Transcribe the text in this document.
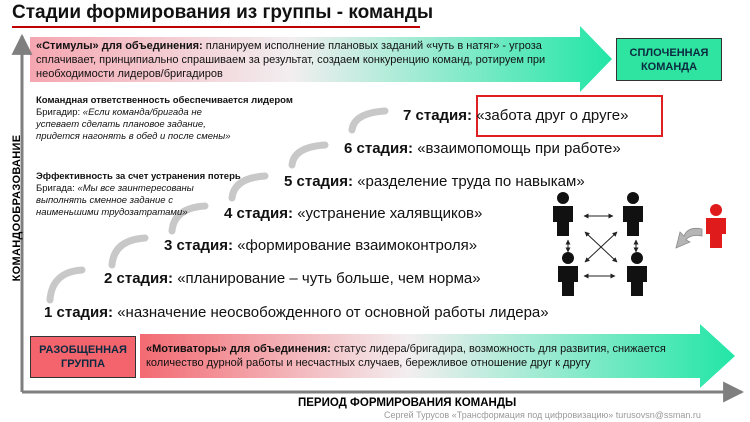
Стадии формирования из группы - команды
«Стимулы» для объединения: планируем исполнение плановых заданий «чуть в натяг» - угроза сплачивает, принципиально спрашиваем за результат, создаем конкуренцию команд, ротируем при необходимости лидеров/бригадиров
«Мотиваторы» для объединения: статус лидера/бригадира, возможность для развития, снижается количество дурной работы и несчастных случаев, бережливое отношение друг к другу
СПЛОЧЕННАЯ КОМАНДА
РАЗОБЩЕННАЯ ГРУППА
КОМАНДООБРАЗОВАНИЕ
ПЕРИОД ФОРМИРОВАНИЯ КОМАНДЫ
Сергей Турусов «Трансформация под цифровизацию» turusovsn@ssman.ru
Командная ответственность обеспечивается лидером
Бригадир: «Если команда/бригада не успевает сделать плановое задание, придется нагонять в обед и после смены»
Эффективность за счет устранения потерь
Бригада: «Мы все заинтересованы выполнять сменное задание с наименьшими трудозатратами»
1 стадия: «назначение неосвобожденного от основной работы лидера»
2 стадия: «планирование – чуть больше, чем норма»
3 стадия: «формирование взаимоконтроля»
4 стадия: «устранение халявщиков»
5 стадия: «разделение труда по навыкам»
6 стадия: «взаимопомощь при работе»
7 стадия: «забота друг о друге»
